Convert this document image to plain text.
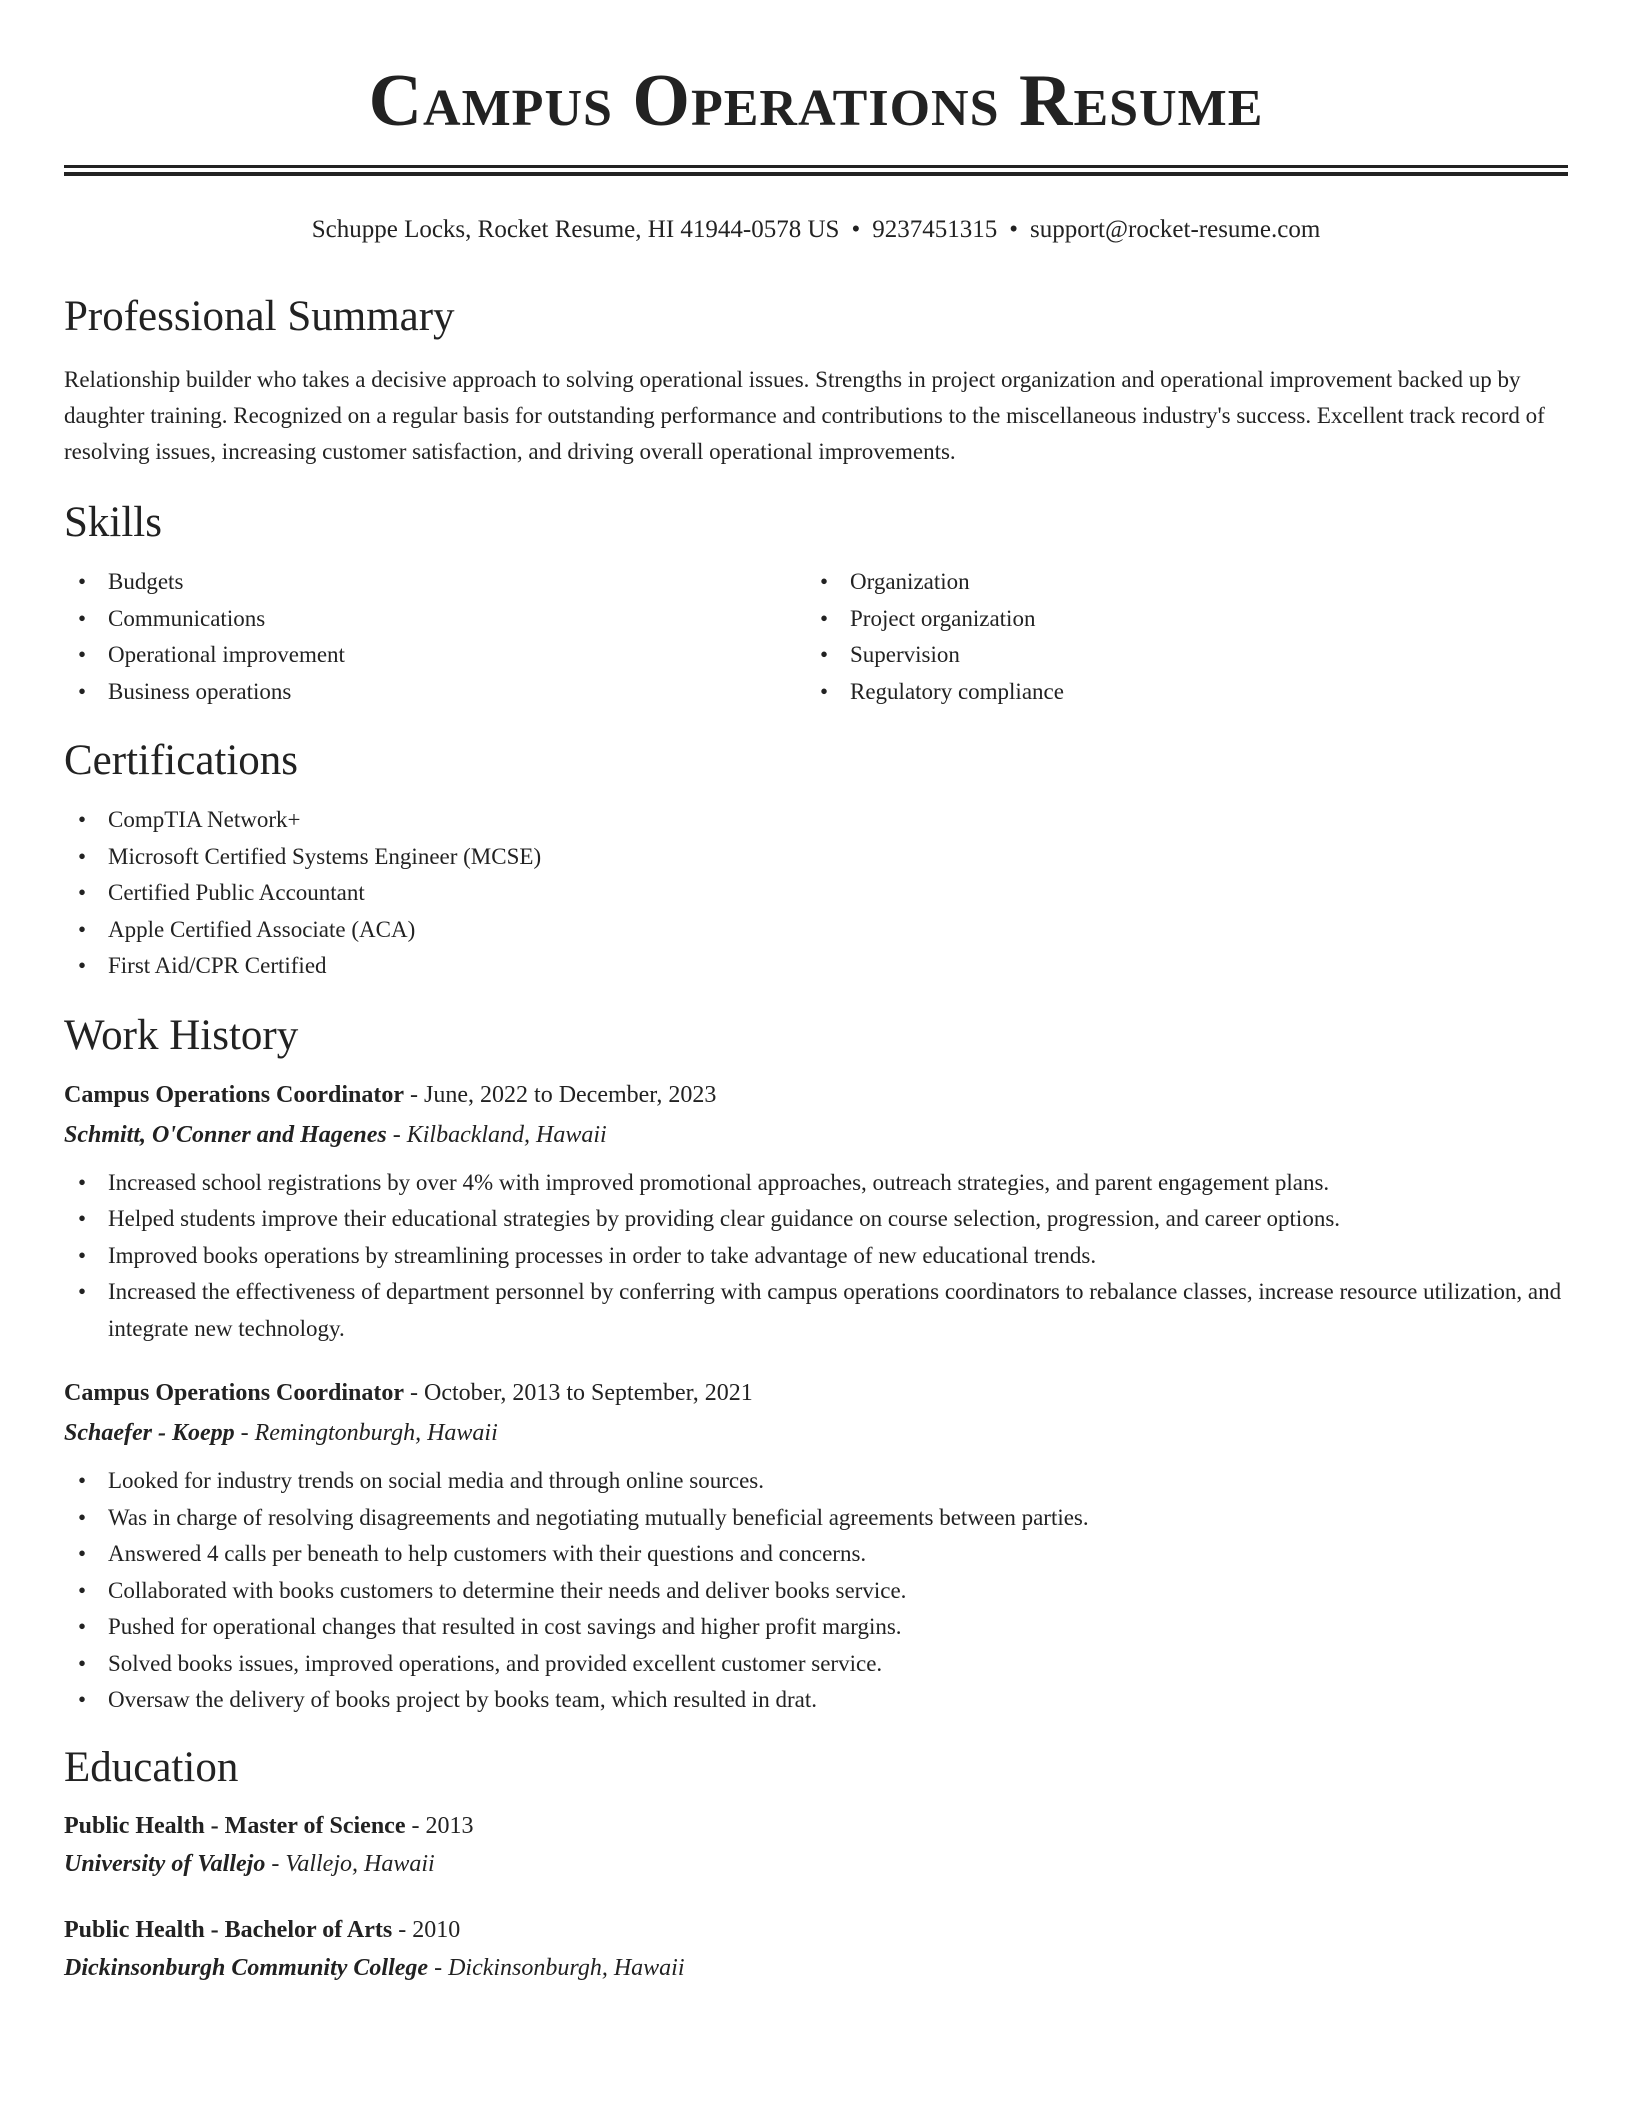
Campus Operations Resume
Schuppe Locks, Rocket Resume, HI 41944-0578 US • 9237451315 • support@rocket-resume.com
Professional Summary

Relationship builder who takes a decisive approach to solving operational issues. Strengths in project organization and operational improvement backed up by daughter training. Recognized on a regular basis for outstanding performance and contributions to the miscellaneous industry's success. Excellent track record of resolving issues, increasing customer satisfaction, and driving overall operational improvements.

Skills
• Budgets
• Communications
• Operational improvement
• Business operations
• Organization
• Project organization
• Supervision
• Regulatory compliance
Certifications
• CompTIA Network+
• Microsoft Certified Systems Engineer (MCSE)
• Certified Public Accountant
• Apple Certified Associate (ACA)
• First Aid/CPR Certified
Work History
Campus Operations Coordinator - June, 2022 to December, 2023
Schmitt, O'Conner and Hagenes - Kilbackland, Hawaii
• Increased school registrations by over 4% with improved promotional approaches, outreach strategies, and parent engagement plans.
• Helped students improve their educational strategies by providing clear guidance on course selection, progression, and career options.
• Improved books operations by streamlining processes in order to take advantage of new educational trends.
• Increased the effectiveness of department personnel by conferring with campus operations coordinators to rebalance classes, increase resource utilization, and integrate new technology.
Campus Operations Coordinator - October, 2013 to September, 2021
Schaefer - Koepp - Remingtonburgh, Hawaii
• Looked for industry trends on social media and through online sources.
• Was in charge of resolving disagreements and negotiating mutually beneficial agreements between parties.
• Answered 4 calls per beneath to help customers with their questions and concerns.
• Collaborated with books customers to determine their needs and deliver books service.
• Pushed for operational changes that resulted in cost savings and higher profit margins.
• Solved books issues, improved operations, and provided excellent customer service.
• Oversaw the delivery of books project by books team, which resulted in drat.
Education
Public Health - Master of Science - 2013
University of Vallejo - Vallejo, Hawaii
Public Health - Bachelor of Arts - 2010
Dickinsonburgh Community College - Dickinsonburgh, Hawaii
